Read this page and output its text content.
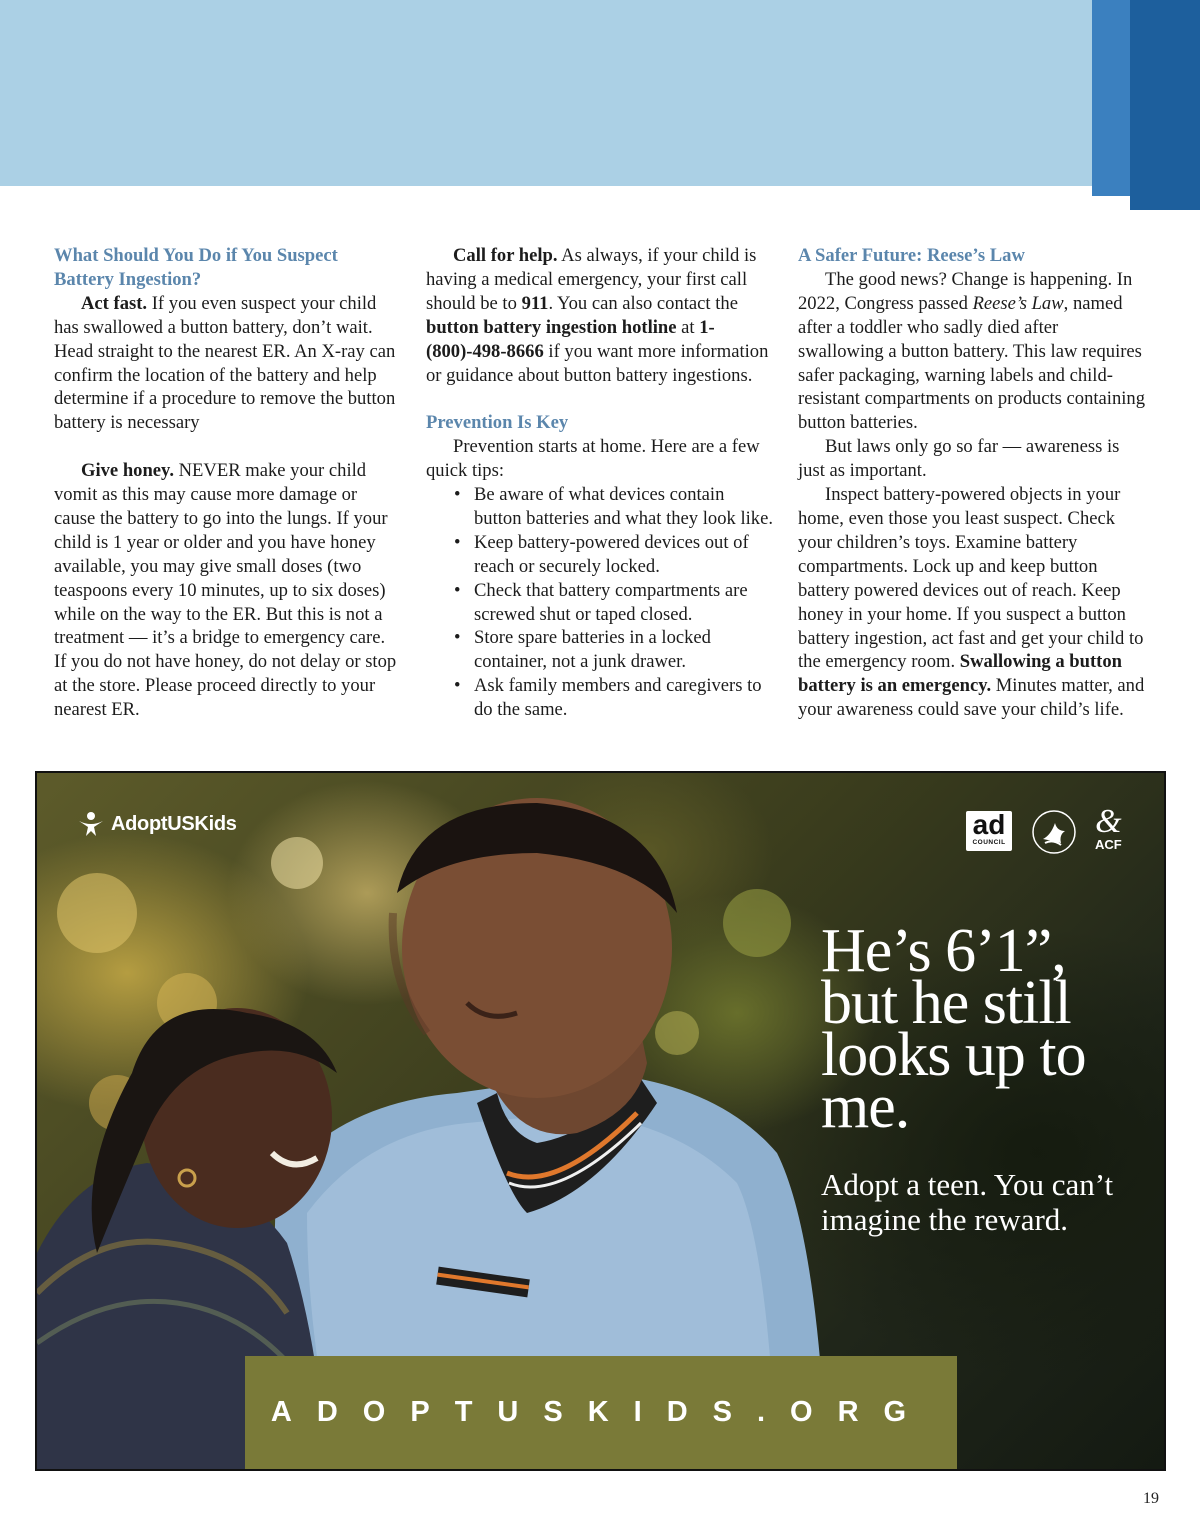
What Should You Do if You Suspect Battery Ingestion?

Act fast. If you even suspect your child has swallowed a button battery, don’t wait. Head straight to the nearest ER. An X-ray can confirm the location of the battery and help determine if a procedure to remove the button battery is necessary

Give honey. NEVER make your child vomit as this may cause more damage or cause the battery to go into the lungs. If your child is 1 year or older and you have honey available, you may give small doses (two teaspoons every 10 minutes, up to six doses) while on the way to the ER. But this is not a treatment — it’s a bridge to emergency care. If you do not have honey, do not delay or stop at the store. Please proceed directly to your nearest ER.

Call for help. As always, if your child is having a medical emergency, your first call should be to 911. You can also contact the button battery ingestion hotline at 1-(800)-498-8666 if you want more information or guidance about button battery ingestions.

Prevention Is Key

Prevention starts at home. Here are a few quick tips:

• Be aware of what devices contain button batteries and what they look like.
• Keep battery-powered devices out of reach or securely locked.
• Check that battery compartments are screwed shut or taped closed.
• Store spare batteries in a locked container, not a junk drawer.
• Ask family members and caregivers to do the same.
A Safer Future: Reese’s Law

The good news? Change is happening. In 2022, Congress passed Reese’s Law, named after a toddler who sadly died after swallowing a button battery. This law requires safer packaging, warning labels and child-resistant compartments on products containing button batteries.

But laws only go so far — awareness is just as important.

Inspect battery-powered objects in your home, even those you least suspect. Check your children’s toys. Examine battery compartments. Lock up and keep button battery powered devices out of reach. Keep honey in your home. If you suspect a button battery ingestion, act fast and get your child to the emergency room. Swallowing a button battery is an emergency. Minutes matter, and your awareness could save your child’s life.

AdoptUSKids	ad
COUNCIL
&
ACF
He’s 6’1”, but he still looks up to me.

Adopt a teen. You can’t imagine the reward.

ADOPTUSKIDS.ORG
19
